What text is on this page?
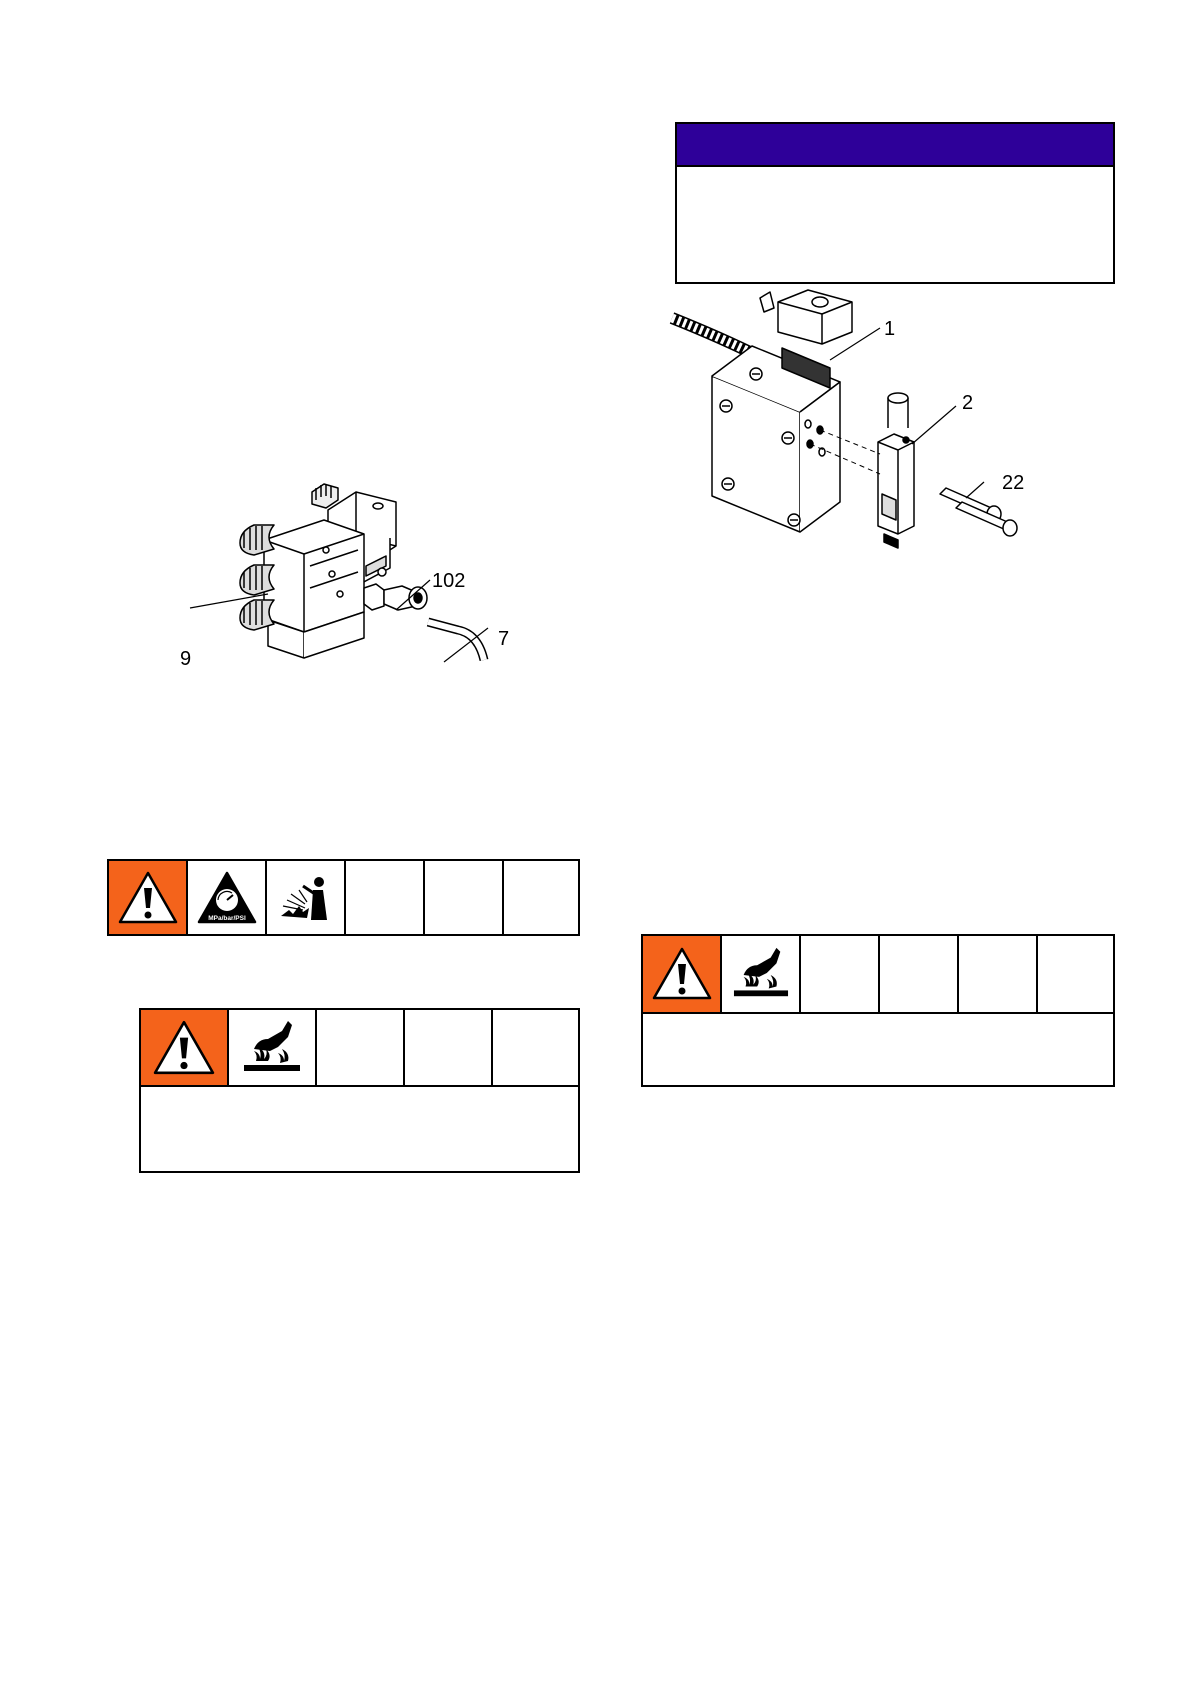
9
102
7
1
2
22
MPa/bar/PSI
